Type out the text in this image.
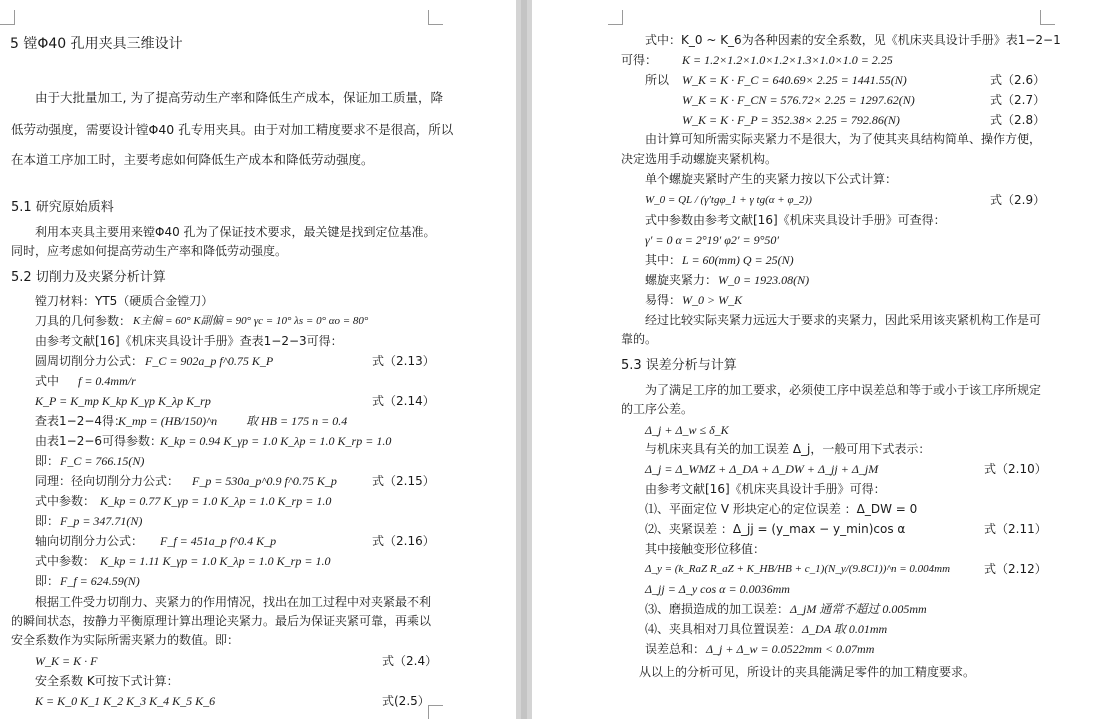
5 镗Φ40 孔用夹具三维设计
由于大批量加工, 为了提高劳动生产率和降低生产成本，保证加工质量，降
低劳动强度，需要设计镗Φ40 孔专用夹具。由于对加工精度要求不是很高，所以
在本道工序加工时，主要考虑如何降低生产成本和降低劳动强度。
5.1 研究原始质料
利用本夹具主要用来镗Φ40 孔为了保证技术要求，最关键是找到定位基准。
同时，应考虑如何提高劳动生产率和降低劳动强度。
5.2 切削力及夹紧分析计算
镗刀材料：YT5（硬质合金镗刀）
刀具的几何参数： K主偏 = 60° K副偏 = 90° γc = 10° λs = 0° αo = 80°
由参考文献[16]《机床夹具设计手册》查表1−2−3可得：
圆周切削分力公式： F_C = 902a_p f^0.75 K_P	式（2.13）
式中 f = 0.4mm/r
K_P = K_mp K_kp K_γp K_λp K_rp	式（2.14）
查表1−2−4得：
K_mp = (HB/150)^n 取 HB = 175 n = 0.4
由表1−2−6可得参数：
K_kp = 0.94 K_γp = 1.0 K_λp = 1.0 K_rp = 1.0
即： F_C = 766.15(N)
同理：径向切削分力公式： F_p = 530a_p^0.9 f^0.75 K_p	式（2.15）
式中参数： K_kp = 0.77 K_γp = 1.0 K_λp = 1.0 K_rp = 1.0
即： F_p = 347.71(N)
轴向切削分力公式： F_f = 451a_p f^0.4 K_p	式（2.16）
式中参数： K_kp = 1.11 K_γp = 1.0 K_λp = 1.0 K_rp = 1.0
即： F_f = 624.59(N)
根据工件受力切削力、夹紧力的作用情况，找出在加工过程中对夹紧最不利
的瞬间状态，按静力平衡原理计算出理论夹紧力。最后为保证夹紧可靠，再乘以
安全系数作为实际所需夹紧力的数值。即：
W_K = K · F	式（2.4）
安全系数 K可按下式计算：
K = K_0 K_1 K_2 K_3 K_4 K_5 K_6	式(2.5）
式中：K_0 ~ K_6为各种因素的安全系数，见《机床夹具设计手册》表1−2−1
可得： K = 1.2×1.2×1.0×1.2×1.3×1.0×1.0 = 2.25
所以 W_K = K · F_C = 640.69× 2.25 = 1441.55(N)	式（2.6）
W_K = K · F_CN = 576.72× 2.25 = 1297.62(N)	式（2.7）
W_K = K · F_P = 352.38× 2.25 = 792.86(N)	式（2.8）
由计算可知所需实际夹紧力不是很大，为了使其夹具结构简单、操作方便，
决定选用手动螺旋夹紧机构。
单个螺旋夹紧时产生的夹紧力按以下公式计算：
W_0 = QL / (γ′tgφ_1 + γ tg(α + φ_2))	式（2.9）
式中参数由参考文献[16]《机床夹具设计手册》可查得：
γ′ = 0 α = 2°19′ φ2′ = 9°50′
其中： L = 60(mm) Q = 25(N)
螺旋夹紧力： W_0 = 1923.08(N)
易得： W_0 > W_K
经过比较实际夹紧力远远大于要求的夹紧力，因此采用该夹紧机构工作是可
靠的。
5.3 误差分析与计算
为了满足工序的加工要求，必须使工序中误差总和等于或小于该工序所规定
的工序公差。
Δ_j + Δ_w ≤ δ_K
与机床夹具有关的加工误差 Δ_j，一般可用下式表示：
Δ_j = Δ_WMZ + Δ_DA + Δ_DW + Δ_jj + Δ_jM	式（2.10）
由参考文献[16]《机床夹具设计手册》可得：
⑴、平面定位 V 形块定心的定位误差 ：Δ_DW = 0
⑵、夹紧误差 ：Δ_jj = (y_max − y_min)cos α	式（2.11）
其中接触变形位移值：
Δ_y = (k_RaZ R_aZ + K_HB/HB + c_1)(N_y/(9.8C1))^n = 0.004mm	式（2.12）
Δ_jj = Δ_y cos α = 0.0036mm
⑶、磨损造成的加工误差： Δ_jM 通常不超过 0.005mm
⑷、夹具相对刀具位置误差： Δ_DA 取 0.01mm
误差总和： Δ_j + Δ_w = 0.0522mm < 0.07mm
从以上的分析可见，所设计的夹具能满足零件的加工精度要求。
